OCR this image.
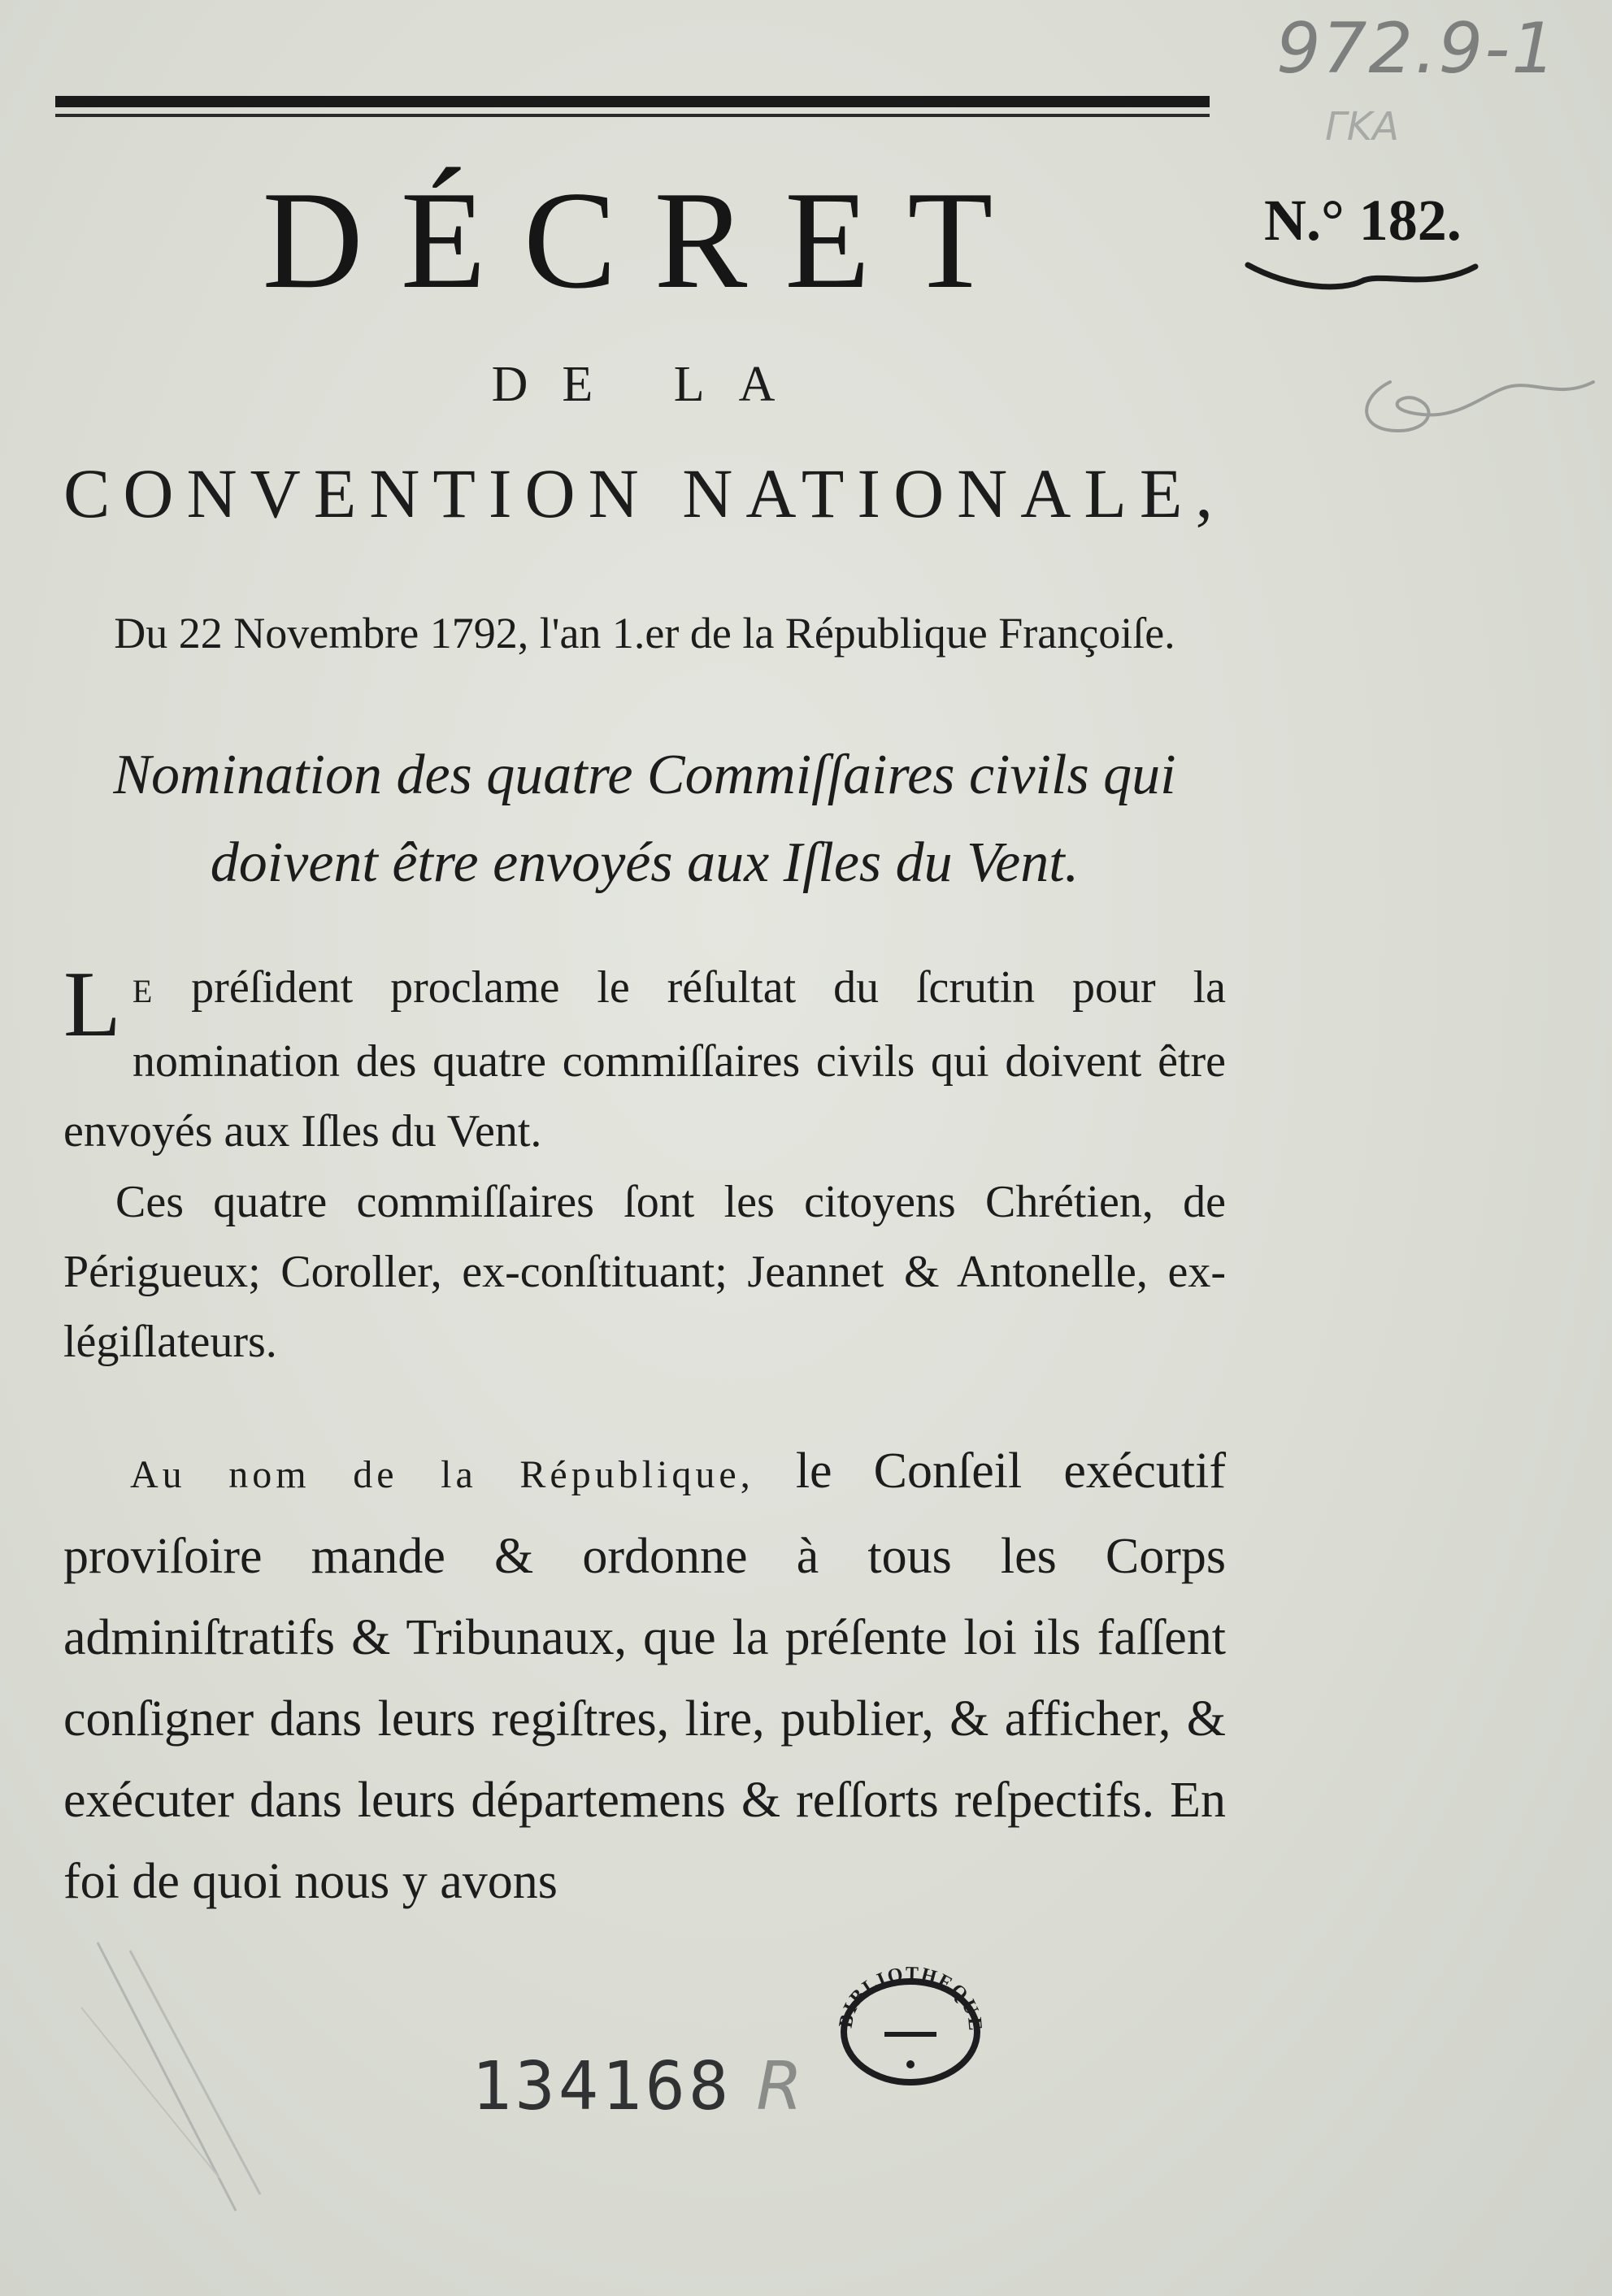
972.9-1
ΓΚΑ
DÉCRET	N.° 182.
DE LA
CONVENTION NATIONALE,
Du 22 Novembre 1792, l'an 1.er de la République Françoiſe.
Nomination des quatre Commiſſaires civils qui
doivent être envoyés aux Iſles du Vent.
L E préſident proclame le réſultat du ſcrutin pour la nomination des quatre commiſſaires civils qui doivent être envoyés aux Iſles du Vent.
Ces quatre commiſſaires ſont les citoyens Chrétien, de Périgueux; Coroller, ex-conſtituant; Jeannet & Antonelle, ex-légiſlateurs.
Au nom de la République, le Conſeil exécutif proviſoire mande & ordonne à tous les Corps adminiſtratifs & Tribunaux, que la préſente loi ils faſſent conſigner dans leurs regiſtres, lire, publier, & afficher, & exécuter dans leurs départemens & reſſorts reſpectifs. En foi de quoi nous y avons
BIBLIOTHEQUE
134168 R
